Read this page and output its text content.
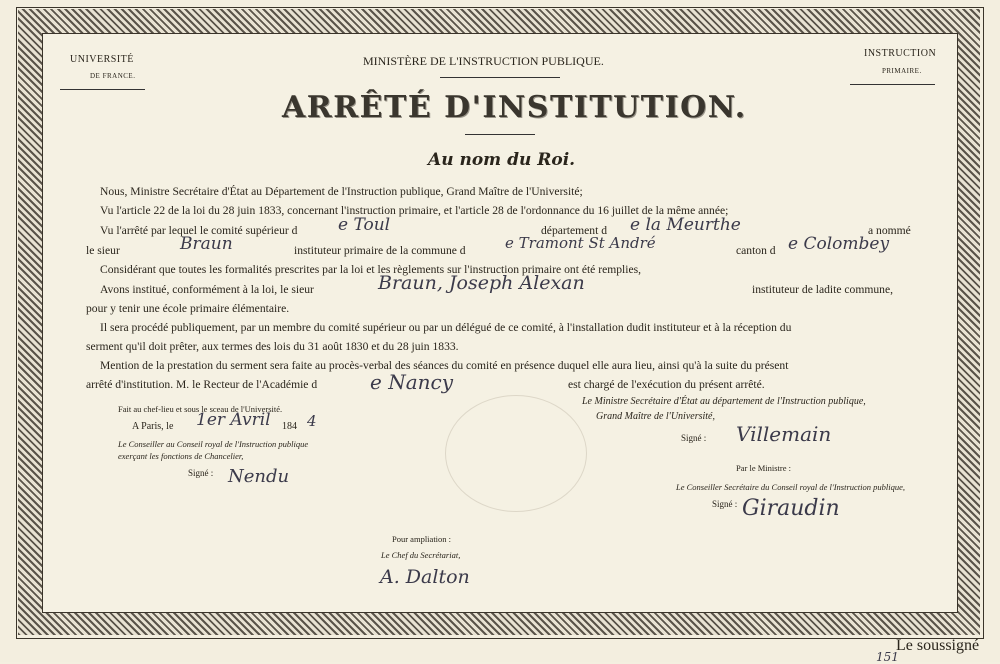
UNIVERSITÉ
DE FRANCE.
MINISTÈRE DE L'INSTRUCTION PUBLIQUE.
INSTRUCTION
PRIMAIRE.
ARRÊTÉ D'INSTITUTION.
Au nom du Roi.
Nous, Ministre Secrétaire d'État au Département de l'Instruction publique, Grand Maître de l'Université;
Vu l'article 22 de la loi du 28 juin 1833, concernant l'instruction primaire, et l'article 28 de l'ordonnance du 16 juillet de la même année;
Vu l'arrêté par lequel le comité supérieur d e Toul	département d e la Meurthe	a nommé
le sieur	Braun	instituteur primaire de la commune d	e Tramont St André	canton d e Colombey
Considérant que toutes les formalités prescrites par la loi et les règlements sur l'instruction primaire ont été remplies,
Avons institué, conformément à la loi, le sieur	Braun, Joseph Alexan	instituteur de ladite commune,
pour y tenir une école primaire élémentaire.
Il sera procédé publiquement, par un membre du comité supérieur ou par un délégué de ce comité, à l'installation dudit instituteur et à la réception du
serment qu'il doit prêter, aux termes des lois du 31 août 1830 et du 28 juin 1833.
Mention de la prestation du serment sera faite au procès-verbal des séances du comité en présence duquel elle aura lieu, ainsi qu'à la suite du présent
arrêté d'institution. M. le Recteur de l'Académie d	e Nancy	est chargé de l'exécution du présent arrêté.
Fait au chef-lieu et sous le sceau de l'Université.
A Paris, le 1er Avril 184 4
Le Conseiller au Conseil royal de l'Instruction publique
exerçant les fonctions de Chancelier,
Signé : Nendu
Le Ministre Secrétaire d'État au département de l'Instruction publique,
Grand Maître de l'Université,
Signé : Villemain
Par le Ministre :
Le Conseiller Secrétaire du Conseil royal de l'Instruction publique,
Signé : Giraudin
Pour ampliation :
Le Chef du Secrétariat,
A. Dalton
Le soussigné
151
